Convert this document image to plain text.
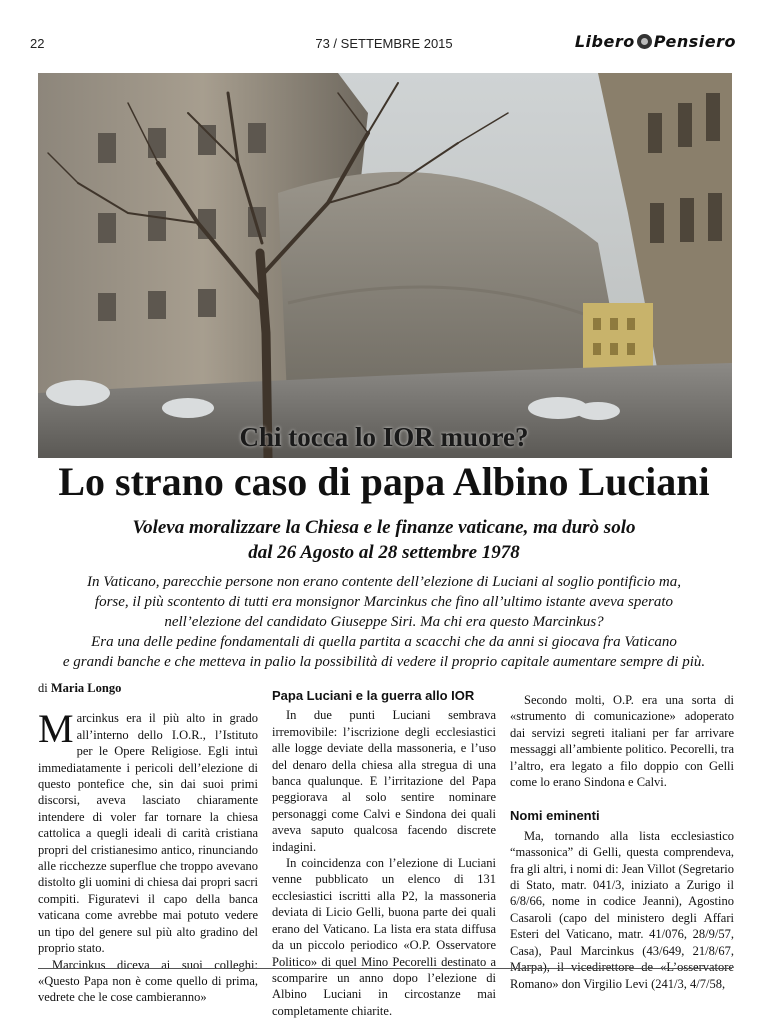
22	73 / SETTEMBRE 2015	Libero Pensiero
Chi tocca lo IOR muore?
Lo strano caso di papa Albino Luciani
Voleva moralizzare la Chiesa e le finanze vaticane, ma durò solo
dal 26 Agosto al 28 settembre 1978
In Vaticano, parecchie persone non erano contente dell’elezione di Luciani al soglio pontificio ma,
forse, il più scontento di tutti era monsignor Marcinkus che fino all’ultimo istante aveva sperato
nell’elezione del candidato Giuseppe Siri. Ma chi era questo Marcinkus?
Era una delle pedine fondamentali di quella partita a scacchi che da anni si giocava fra Vaticano
e grandi banche e che metteva in palio la possibilità di vedere il proprio capitale aumentare sempre di più.
di Maria Longo

Marcinkus era il più alto in grado all’interno dello I.O.R., l’Istituto per le Opere Religiose. Egli intuì immediatamente i pericoli dell’elezione di questo pontefice che, sin dai suoi primi discorsi, aveva lasciato chiaramente intendere di voler far tornare la chiesa cattolica a quegli ideali di carità cristiana propri del cristianesimo antico, rinunciando alle ricchezze superflue che troppo avevano distolto gli uomini di chiesa dai propri sacri compiti. Figuratevi il capo della banca vaticana come avrebbe mai potuto vedere un tipo del genere sul più alto gradino del proprio stato.

Marcinkus diceva ai suoi colleghi: «Questo Papa non è come quello di prima, vedrete che le cose cambieranno»

Papa Luciani e la guerra allo IOR

In due punti Luciani sembrava irremovibile: l’iscrizione degli ecclesiastici alle logge deviate della massoneria, e l’uso del denaro della chiesa alla stregua di una banca qualunque. E l’irritazione del Papa peggiorava al solo sentire nominare personaggi come Calvi e Sindona dei quali aveva saputo qualcosa facendo discrete indagini.

In coincidenza con l’elezione di Luciani venne pubblicato un elenco di 131 ecclesiastici iscritti alla P2, la massoneria deviata di Licio Gelli, buona parte dei quali erano del Vaticano. La lista era stata diffusa da un piccolo periodico «O.P. Osservatore Politico» di quel Mino Pecorelli destinato a scomparire un anno dopo l’elezione di Albino Luciani in circostanze mai completamente chiarite.

Secondo molti, O.P. era una sorta di «strumento di comunicazione» adoperato dai servizi segreti italiani per far arrivare messaggi all’ambiente politico. Pecorelli, tra l’altro, era legato a filo doppio con Gelli come lo erano Sindona e Calvi.

Nomi eminenti

Ma, tornando alla lista ecclesiastico “massonica” di Gelli, questa comprendeva, fra gli altri, i nomi di: Jean Villot (Segretario di Stato, matr. 041/3, iniziato a Zurigo il 6/8/66, nome in codice Jeanni), Agostino Casaroli (capo del ministero degli Affari Esteri del Vaticano, matr. 41/076, 28/9/57, Casa), Paul Marcinkus (43/649, 21/8/67, Marpa), il vicedirettore de «L’osservatore Romano» don Virgilio Levi (241/3, 4/7/58,
